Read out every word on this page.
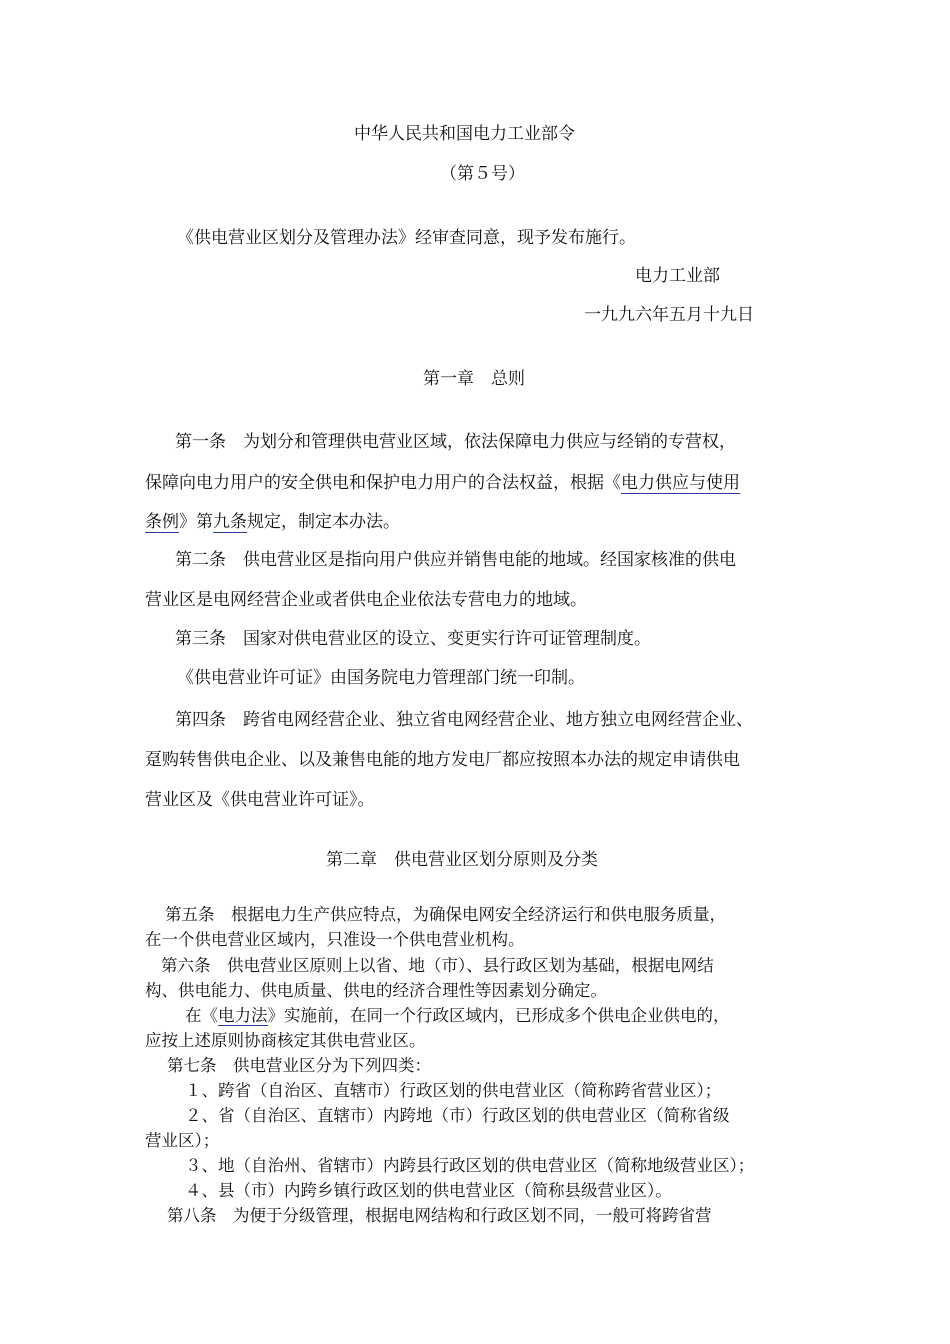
中华人民共和国电力工业部令
（第５号）
《供电营业区划分及管理办法》经审查同意，现予发布施行。
电力工业部
一九九六年五月十九日
第一章　总则
第一条　为划分和管理供电营业区域，依法保障电力供应与经销的专营权，
保障向电力用户的安全供电和保护电力用户的合法权益，根据《电力供应与使用
条例》第九条规定，制定本办法。
第二条　供电营业区是指向用户供应并销售电能的地域。经国家核准的供电
营业区是电网经营企业或者供电企业依法专营电力的地域。
第三条　国家对供电营业区的设立、变更实行许可证管理制度。
《供电营业许可证》由国务院电力管理部门统一印制。
第四条　跨省电网经营企业、独立省电网经营企业、地方独立电网经营企业、
趸购转售供电企业、以及兼售电能的地方发电厂都应按照本办法的规定申请供电
营业区及《供电营业许可证》。
第二章　供电营业区划分原则及分类
第五条　根据电力生产供应特点，为确保电网安全经济运行和供电服务质量，
在一个供电营业区域内，只准设一个供电营业机构。
第六条　供电营业区原则上以省、地（市）、县行政区划为基础，根据电网结
构、供电能力、供电质量、供电的经济合理性等因素划分确定。
在《电力法》实施前，在同一个行政区域内，已形成多个供电企业供电的，
应按上述原则协商核定其供电营业区。
第七条　供电营业区分为下列四类：
１、跨省（自治区、直辖市）行政区划的供电营业区（简称跨省营业区）；
２、省（自治区、直辖市）内跨地（市）行政区划的供电营业区（简称省级
营业区）；
３、地（自治州、省辖市）内跨县行政区划的供电营业区（简称地级营业区）；
４、县（市）内跨乡镇行政区划的供电营业区（简称县级营业区）。
第八条　为便于分级管理，根据电网结构和行政区划不同，一般可将跨省营
